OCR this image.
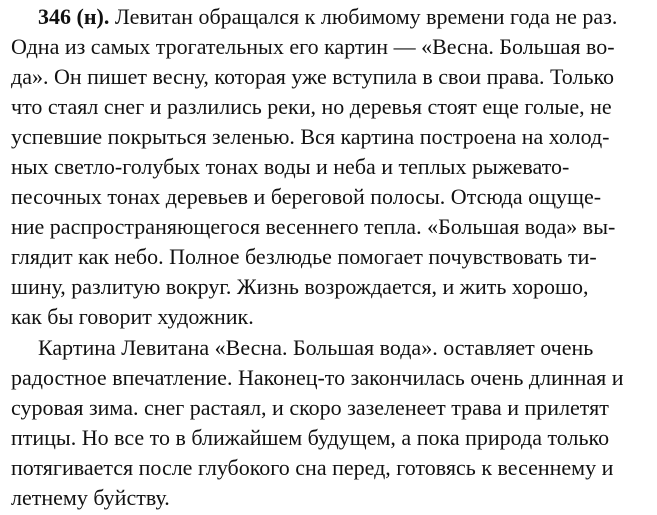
346 (н). Левитан обращался к любимому времени года не раз.
Одна из самых трогательных его картин — «Весна. Большая во-
да». Он пишет весну, которая уже вступила в свои права. Только
что стаял снег и разлились реки, но деревья стоят еще голые, не
успевшие покрыться зеленью. Вся картина построена на холод-
ных светло-голубых тонах воды и неба и теплых рыжевато-
песочных тонах деревьев и береговой полосы. Отсюда ощуще-
ние распространяющегося весеннего тепла. «Большая вода» вы-
глядит как небо. Полное безлюдье помогает почувствовать ти-
шину, разлитую вокруг. Жизнь возрождается, и жить хорошо,
как бы говорит художник.
Картина Левитана «Весна. Большая вода». оставляет очень
радостное впечатление. Наконец-то закончилась очень длинная и
суровая зима. снег растаял, и скоро зазеленеет трава и прилетят
птицы. Но все то в ближайшем будущем, а пока природа только
потягивается после глубокого сна перед, готовясь к весеннему и
летнему буйству.
